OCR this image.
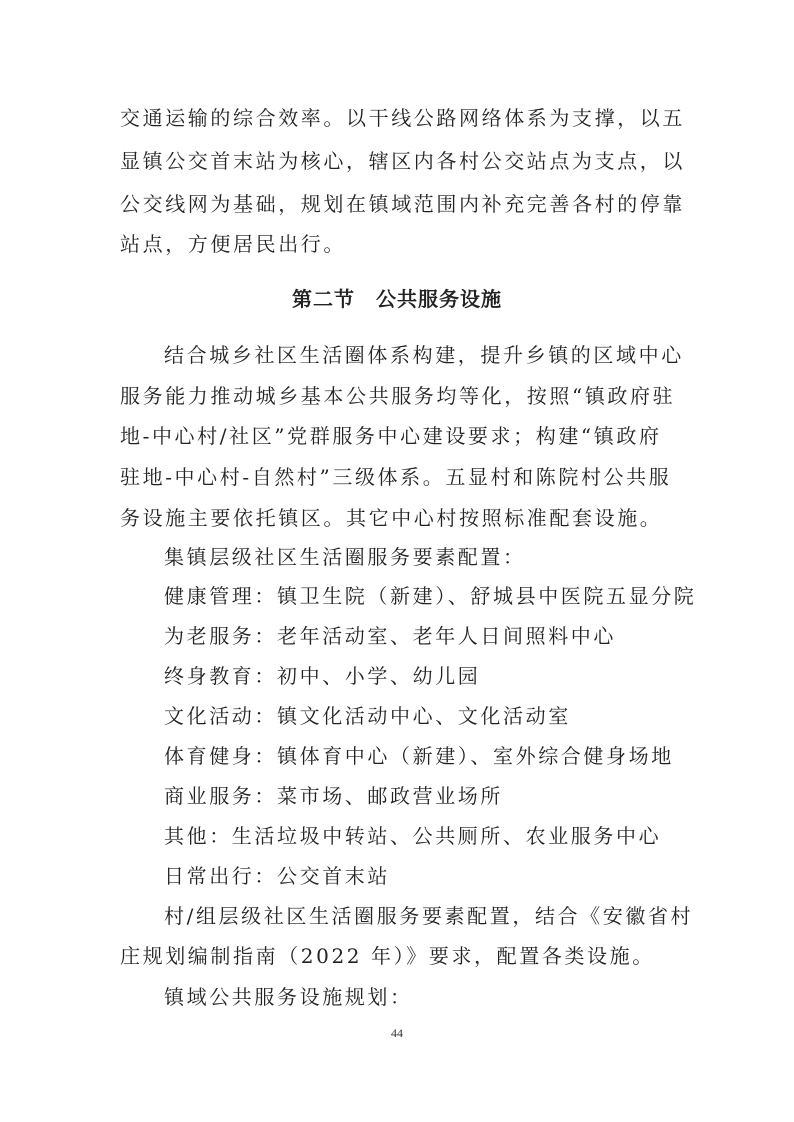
交通运输的综合效率。以干线公路网络体系为支撑，以五
显镇公交首末站为核心，辖区内各村公交站点为支点，以
公交线网为基础，规划在镇域范围内补充完善各村的停靠
站点，方便居民出行。
第二节　公共服务设施
结合城乡社区生活圈体系构建，提升乡镇的区域中心
服务能力推动城乡基本公共服务均等化，按照“镇政府驻
地-中心村/社区”党群服务中心建设要求；构建“镇政府
驻地-中心村-自然村”三级体系。五显村和陈院村公共服
务设施主要依托镇区。其它中心村按照标准配套设施。
集镇层级社区生活圈服务要素配置：
健康管理：镇卫生院（新建）、舒城县中医院五显分院
为老服务：老年活动室、老年人日间照料中心
终身教育：初中、小学、幼儿园
文化活动：镇文化活动中心、文化活动室
体育健身：镇体育中心（新建）、室外综合健身场地
商业服务：菜市场、邮政营业场所
其他：生活垃圾中转站、公共厕所、农业服务中心
日常出行：公交首末站
村/组层级社区生活圈服务要素配置，结合《安徽省村
庄规划编制指南（2022 年）》要求，配置各类设施。
镇域公共服务设施规划：
44
